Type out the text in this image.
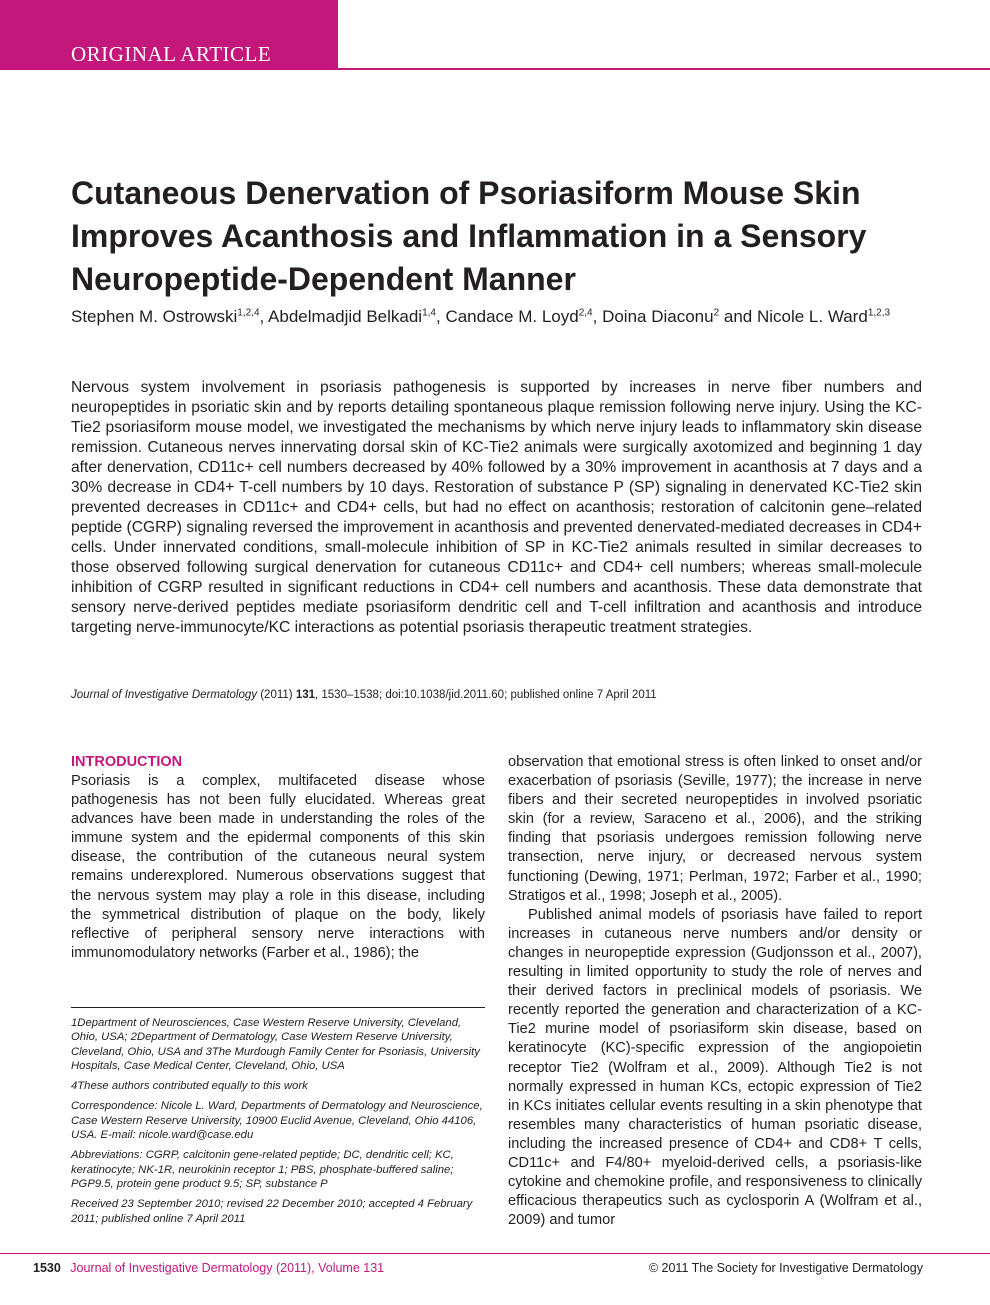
ORIGINAL ARTICLE
Cutaneous Denervation of Psoriasiform Mouse Skin Improves Acanthosis and Inflammation in a Sensory Neuropeptide-Dependent Manner

Stephen M. Ostrowski$^{1,2,4}$, Abdelmadjid Belkadi$^{1,4}$, Candace M. Loyd$^{2,4}$, Doina Diaconu$^2$ and Nicole L. Ward$^{1,2,3}$

Nervous system involvement in psoriasis pathogenesis is supported by increases in nerve fiber numbers and neuropeptides in psoriatic skin and by reports detailing spontaneous plaque remission following nerve injury. Using the KC-Tie2 psoriasiform mouse model, we investigated the mechanisms by which nerve injury leads to inflammatory skin disease remission. Cutaneous nerves innervating dorsal skin of KC-Tie2 animals were surgically axotomized and beginning 1 day after denervation, CD11c+ cell numbers decreased by 40% followed by a 30% improvement in acanthosis at 7 days and a 30% decrease in CD4+ T-cell numbers by 10 days. Restoration of substance P (SP) signaling in denervated KC-Tie2 skin prevented decreases in CD11c+ and CD4+ cells, but had no effect on acanthosis; restoration of calcitonin gene–related peptide (CGRP) signaling reversed the improvement in acanthosis and prevented denervated-mediated decreases in CD4+ cells. Under innervated conditions, small-molecule inhibition of SP in KC-Tie2 animals resulted in similar decreases to those observed following surgical denervation for cutaneous CD11c+ and CD4+ cell numbers; whereas small-molecule inhibition of CGRP resulted in significant reductions in CD4+ cell numbers and acanthosis. These data demonstrate that sensory nerve-derived peptides mediate psoriasiform dendritic cell and T-cell infiltration and acanthosis and introduce targeting nerve-immunocyte/KC interactions as potential psoriasis therapeutic treatment strategies.

Journal of Investigative Dermatology (2011) 131, 1530–1538; doi:10.1038/jid.2011.60; published online 7 April 2011

INTRODUCTION

Psoriasis is a complex, multifaceted disease whose pathogenesis has not been fully elucidated. Whereas great advances have been made in understanding the roles of the immune system and the epidermal components of this skin disease, the contribution of the cutaneous neural system remains underexplored. Numerous observations suggest that the nervous system may play a role in this disease, including the symmetrical distribution of plaque on the body, likely reflective of peripheral sensory nerve interactions with immunomodulatory networks (Farber et al., 1986); the

1Department of Neurosciences, Case Western Reserve University, Cleveland, Ohio, USA; 2Department of Dermatology, Case Western Reserve University, Cleveland, Ohio, USA and 3The Murdough Family Center for Psoriasis, University Hospitals, Case Medical Center, Cleveland, Ohio, USA

4These authors contributed equally to this work

Correspondence: Nicole L. Ward, Departments of Dermatology and Neuroscience, Case Western Reserve University, 10900 Euclid Avenue, Cleveland, Ohio 44106, USA. E-mail: nicole.ward@case.edu

Abbreviations: CGRP, calcitonin gene-related peptide; DC, dendritic cell; KC, keratinocyte; NK-1R, neurokinin receptor 1; PBS, phosphate-buffered saline; PGP9.5, protein gene product 9.5; SP, substance P

Received 23 September 2010; revised 22 December 2010; accepted 4 February 2011; published online 7 April 2011

observation that emotional stress is often linked to onset and/or exacerbation of psoriasis (Seville, 1977); the increase in nerve fibers and their secreted neuropeptides in involved psoriatic skin (for a review, Saraceno et al., 2006), and the striking finding that psoriasis undergoes remission following nerve transection, nerve injury, or decreased nervous system functioning (Dewing, 1971; Perlman, 1972; Farber et al., 1990; Stratigos et al., 1998; Joseph et al., 2005).

Published animal models of psoriasis have failed to report increases in cutaneous nerve numbers and/or density or changes in neuropeptide expression (Gudjonsson et al., 2007), resulting in limited opportunity to study the role of nerves and their derived factors in preclinical models of psoriasis. We recently reported the generation and characterization of a KC-Tie2 murine model of psoriasiform skin disease, based on keratinocyte (KC)-specific expression of the angiopoietin receptor Tie2 (Wolfram et al., 2009). Although Tie2 is not normally expressed in human KCs, ectopic expression of Tie2 in KCs initiates cellular events resulting in a skin phenotype that resembles many characteristics of human psoriatic disease, including the increased presence of CD4+ and CD8+ T cells, CD11c+ and F4/80+ myeloid-derived cells, a psoriasis-like cytokine and chemokine profile, and responsiveness to clinically efficacious therapeutics such as cyclosporin A (Wolfram et al., 2009) and tumor

1530 Journal of Investigative Dermatology (2011), Volume 131	© 2011 The Society for Investigative Dermatology
